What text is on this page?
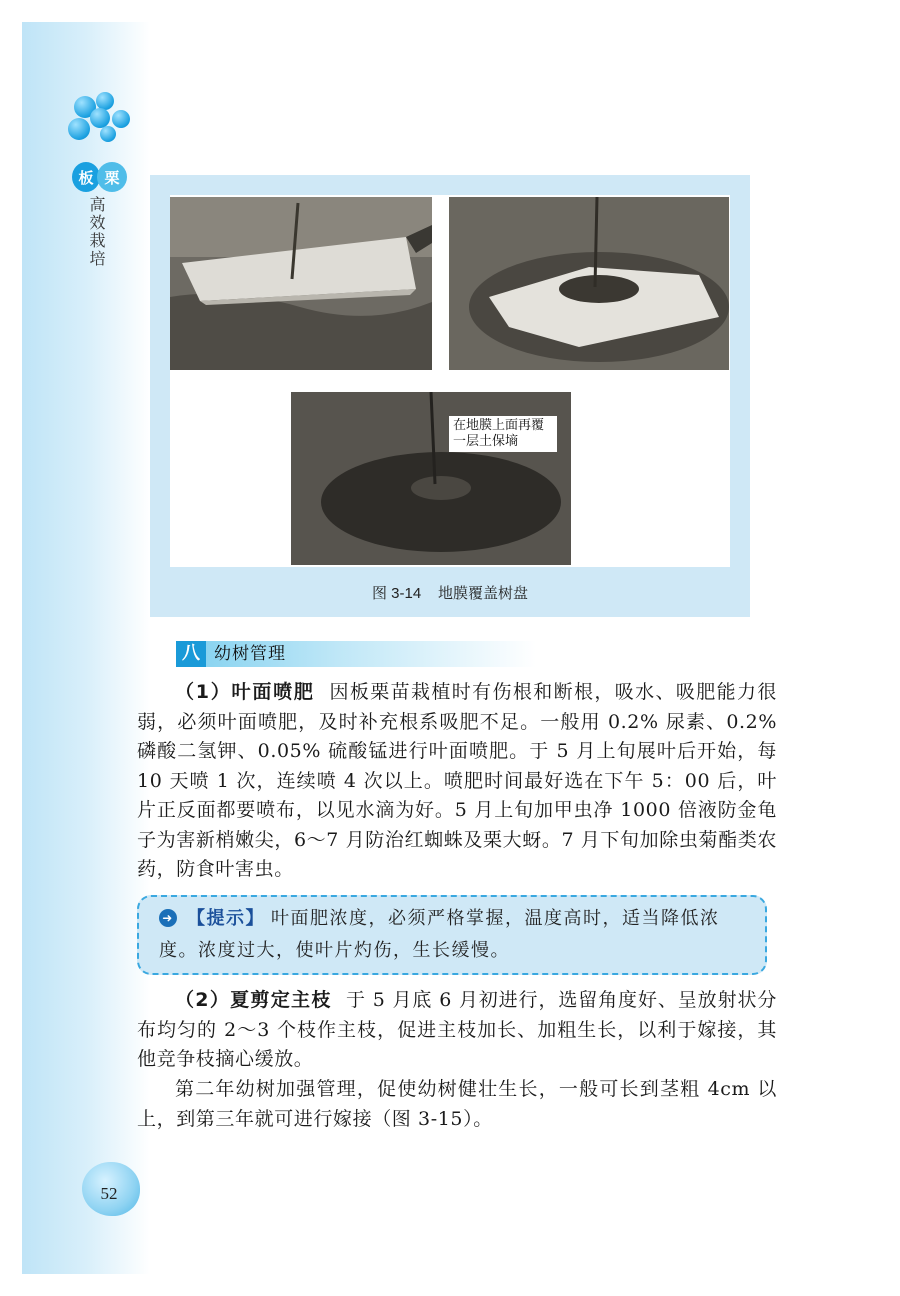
板 栗
高效栽培
在地膜上面再覆一层土保墒
图 3-14 地膜覆盖树盘
八 幼树管理
（1）叶面喷肥 因板栗苗栽植时有伤根和断根，吸水、吸肥能力很弱，必须叶面喷肥，及时补充根系吸肥不足。一般用 0.2% 尿素、0.2% 磷酸二氢钾、0.05% 硫酸锰进行叶面喷肥。于 5 月上旬展叶后开始，每 10 天喷 1 次，连续喷 4 次以上。喷肥时间最好选在下午 5：00 后，叶片正反面都要喷布，以见水滴为好。5 月上旬加甲虫净 1000 倍液防金龟子为害新梢嫩尖，6～7 月防治红蜘蛛及栗大蚜。7 月下旬加除虫菊酯类农药，防食叶害虫。
➜ 【提示】 叶面肥浓度，必须严格掌握，温度高时，适当降低浓度。浓度过大，使叶片灼伤，生长缓慢。
（2）夏剪定主枝 于 5 月底 6 月初进行，选留角度好、呈放射状分布均匀的 2～3 个枝作主枝，促进主枝加长、加粗生长，以利于嫁接，其他竞争枝摘心缓放。
第二年幼树加强管理，促使幼树健壮生长，一般可长到茎粗 4cm 以上，到第三年就可进行嫁接（图 3-15）。
52
